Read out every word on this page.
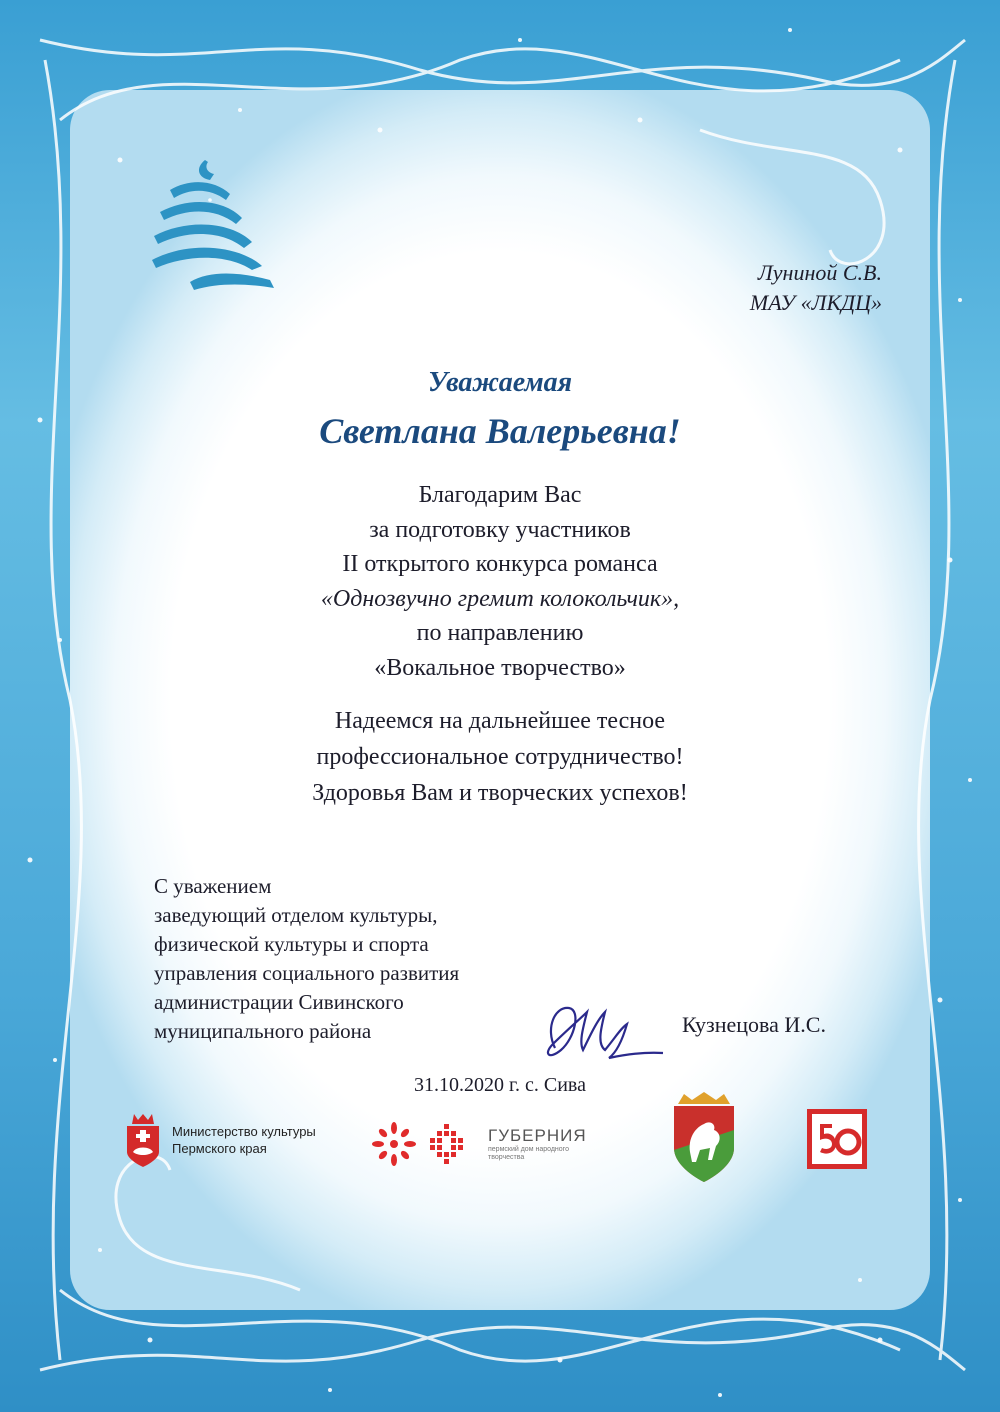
Луниной С.В.
МАУ «ЛКДЦ»
Уважаемая
Светлана Валерьевна!
Благодарим Вас
за подготовку участников
II открытого конкурса романса
«Однозвучно гремит колокольчик»,
по направлению
«Вокальное творчество»
Надеемся на дальнейшее тесное
профессиональное сотрудничество!
Здоровья Вам и творческих успехов!
С уважением
заведующий отделом культуры,
физической культуры и спорта
управления социального развития
администрации Сивинского
муниципального района	Кузнецова И.С.
31.10.2020 г. с. Сива
Министерство культуры
Пермского края
ГУБЕРНИЯ
пермский дом народного творчества
